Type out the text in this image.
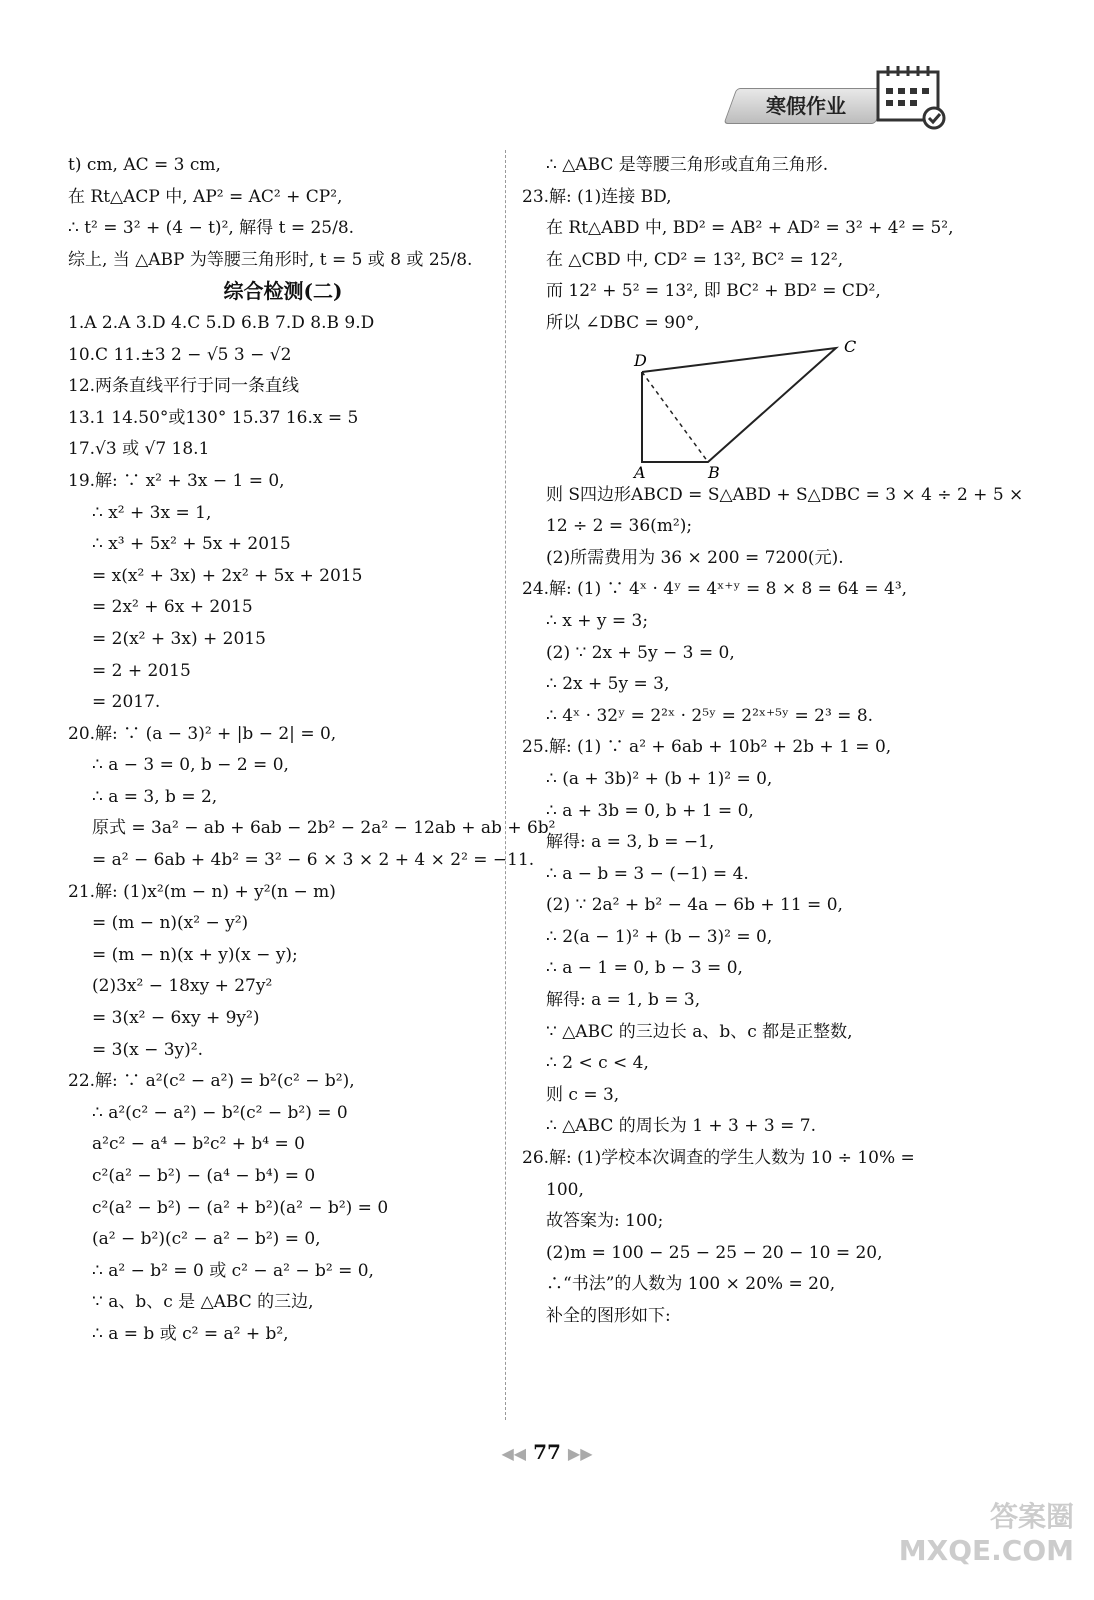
寒假作业
t) cm, AC = 3 cm,
在 Rt△ACP 中, AP² = AC² + CP²,
∴ t² = 3² + (4 − t)², 解得 t = 25/8.
综上, 当 △ABP 为等腰三角形时, t = 5 或 8 或 25/8.
综合检测(二)
1.A 2.A 3.D 4.C 5.D 6.B 7.D 8.B 9.D
10.C 11.±3 2 − √5 3 − √2
12.两条直线平行于同一条直线
13.1 14.50°或130° 15.37 16.x = 5
17.√3 或 √7 18.1
19.解: ∵ x² + 3x − 1 = 0,
∴ x² + 3x = 1,
∴ x³ + 5x² + 5x + 2015
= x(x² + 3x) + 2x² + 5x + 2015
= 2x² + 6x + 2015
= 2(x² + 3x) + 2015
= 2 + 2015
= 2017.
20.解: ∵ (a − 3)² + |b − 2| = 0,
∴ a − 3 = 0, b − 2 = 0,
∴ a = 3, b = 2,
原式 = 3a² − ab + 6ab − 2b² − 2a² − 12ab + ab + 6b²
= a² − 6ab + 4b² = 3² − 6 × 3 × 2 + 4 × 2² = −11.
21.解: (1)x²(m − n) + y²(n − m)
= (m − n)(x² − y²)
= (m − n)(x + y)(x − y);
(2)3x² − 18xy + 27y²
= 3(x² − 6xy + 9y²)
= 3(x − 3y)².
22.解: ∵ a²(c² − a²) = b²(c² − b²),
∴ a²(c² − a²) − b²(c² − b²) = 0
a²c² − a⁴ − b²c² + b⁴ = 0
c²(a² − b²) − (a⁴ − b⁴) = 0
c²(a² − b²) − (a² + b²)(a² − b²) = 0
(a² − b²)(c² − a² − b²) = 0,
∴ a² − b² = 0 或 c² − a² − b² = 0,
∵ a、b、c 是 △ABC 的三边,
∴ a = b 或 c² = a² + b²,
∴ △ABC 是等腰三角形或直角三角形.
23.解: (1)连接 BD,
在 Rt△ABD 中, BD² = AB² + AD² = 3² + 4² = 5²,
在 △CBD 中, CD² = 13², BC² = 12²,
而 12² + 5² = 13², 即 BC² + BD² = CD²,
所以 ∠DBC = 90°,
D
C
A	B
则 S四边形ABCD = S△ABD + S△DBC = 3 × 4 ÷ 2 + 5 ×
12 ÷ 2 = 36(m²);
(2)所需费用为 36 × 200 = 7200(元).
24.解: (1) ∵ 4ˣ · 4ʸ = 4ˣ⁺ʸ = 8 × 8 = 64 = 4³,
∴ x + y = 3;
(2) ∵ 2x + 5y − 3 = 0,
∴ 2x + 5y = 3,
∴ 4ˣ · 32ʸ = 2²ˣ · 2⁵ʸ = 2²ˣ⁺⁵ʸ = 2³ = 8.
25.解: (1) ∵ a² + 6ab + 10b² + 2b + 1 = 0,
∴ (a + 3b)² + (b + 1)² = 0,
∴ a + 3b = 0, b + 1 = 0,
解得: a = 3, b = −1,
∴ a − b = 3 − (−1) = 4.
(2) ∵ 2a² + b² − 4a − 6b + 11 = 0,
∴ 2(a − 1)² + (b − 3)² = 0,
∴ a − 1 = 0, b − 3 = 0,
解得: a = 1, b = 3,
∵ △ABC 的三边长 a、b、c 都是正整数,
∴ 2 < c < 4,
则 c = 3,
∴ △ABC 的周长为 1 + 3 + 3 = 7.
26.解: (1)学校本次调查的学生人数为 10 ÷ 10% =
100,
故答案为: 100;
(2)m = 100 − 25 − 25 − 20 − 10 = 20,
∴“书法”的人数为 100 × 20% = 20,
补全的图形如下:
◀◀ 77 ▶▶
答案圈
MXQE.COM
